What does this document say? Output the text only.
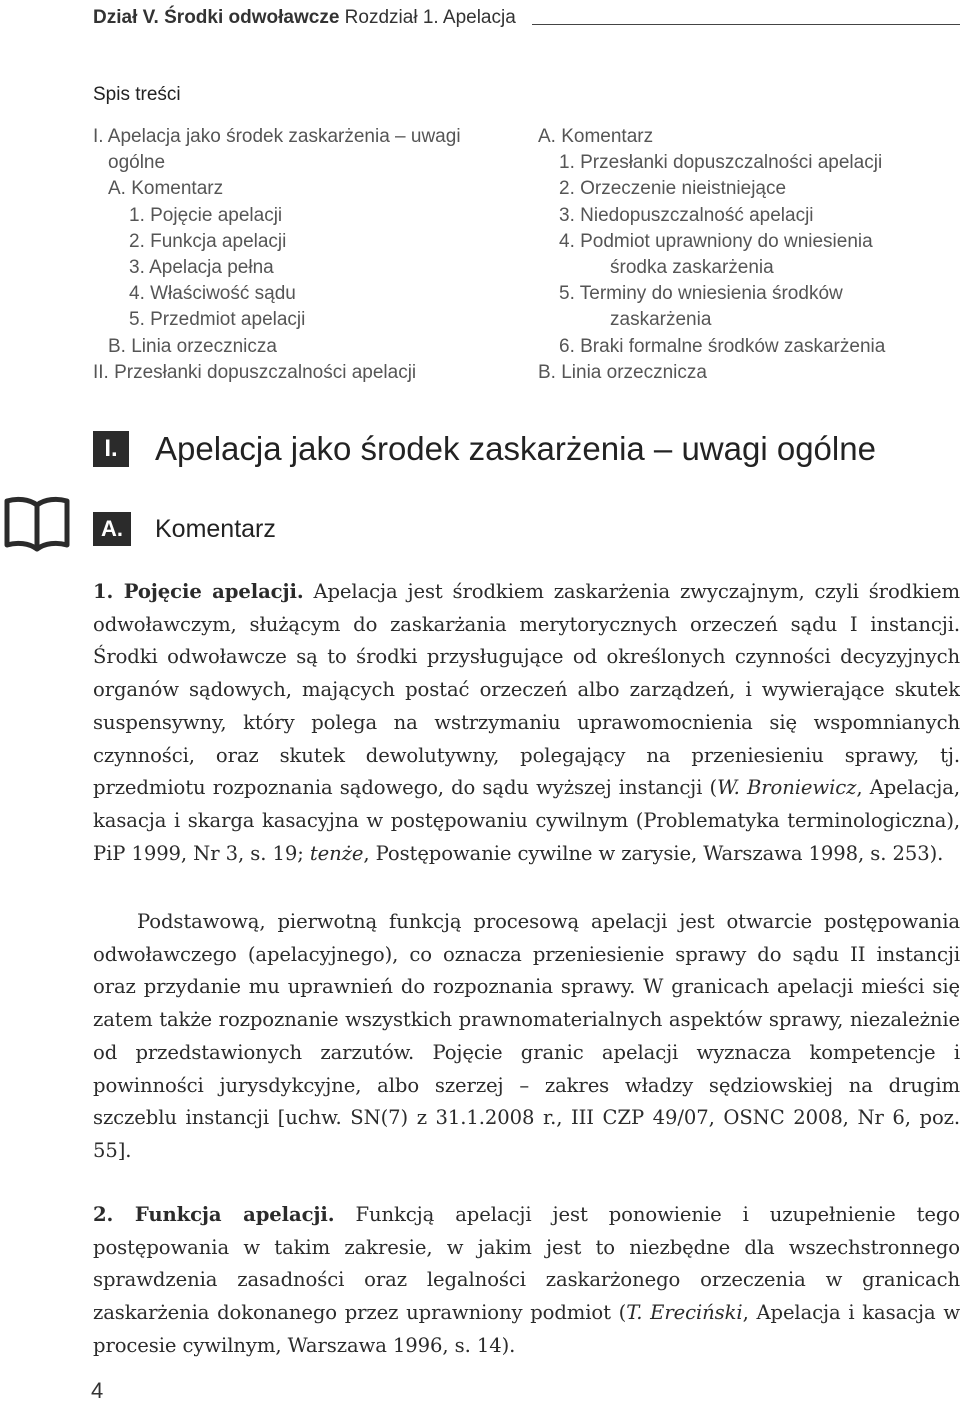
Dział V. Środki odwoławcze Rozdział 1. Apelacja
Spis treści
I. Apelacja jako środek zaskarżenia – uwagi
ogólne
A. Komentarz
1. Pojęcie apelacji
2. Funkcja apelacji
3. Apelacja pełna
4. Właściwość sądu
5. Przedmiot apelacji
B. Linia orzecznicza
II. Przesłanki dopuszczalności apelacji
A. Komentarz
1. Przesłanki dopuszczalności apelacji
2. Orzeczenie nieistniejące
3. Niedopuszczalność apelacji
4. Podmiot uprawniony do wniesienia
środka zaskarżenia
5. Terminy do wniesienia środków
zaskarżenia
6. Braki formalne środków zaskarżenia
B. Linia orzecznicza
I.	Apelacja jako środek zaskarżenia – uwagi ogólne
A.	Komentarz

1. Pojęcie apelacji. Apelacja jest środkiem zaskarżenia zwyczajnym, czyli środkiem odwoławczym, służącym do zaskarżania merytorycznych orzeczeń sądu I instancji. Środki odwoławcze są to środki przysługujące od określonych czynności decyzyjnych organów sądowych, mających postać orzeczeń albo zarządzeń, i wywierające skutek suspensywny, który polega na wstrzymaniu uprawomocnienia się wspomnianych czynności, oraz skutek dewolutywny, polegający na przeniesieniu sprawy, tj. przedmiotu rozpoznania sądowego, do sądu wyższej instancji (W. Broniewicz, Apelacja, kasacja i skarga kasacyjna w postępowaniu cywilnym (Problematyka terminologiczna), PiP 1999, Nr 3, s. 19; tenże, Postępowanie cywilne w zarysie, Warszawa 1998, s. 253).

Podstawową, pierwotną funkcją procesową apelacji jest otwarcie postępowania odwoławczego (apelacyjnego), co oznacza przeniesienie sprawy do sądu II instancji oraz przydanie mu uprawnień do rozpoznania sprawy. W granicach apelacji mieści się zatem także rozpoznanie wszystkich prawnomaterialnych aspektów sprawy, niezależnie od przedstawionych zarzutów. Pojęcie granic apelacji wyznacza kompetencje i powinności jurysdykcyjne, albo szerzej – zakres władzy sędziowskiej na drugim szczeblu instancji [uchw. SN(7) z 31.1.2008 r., III CZP 49/07, OSNC 2008, Nr 6, poz. 55].

2. Funkcja apelacji. Funkcją apelacji jest ponowienie i uzupełnienie tego postępowania w takim zakresie, w jakim jest to niezbędne dla wszechstronnego sprawdzenia zasadności oraz legalności zaskarżonego orzeczenia w granicach zaskarżenia dokonanego przez uprawniony podmiot (T. Ereciński, Apelacja i kasacja w procesie cywilnym, Warszawa 1996, s. 14).

4
